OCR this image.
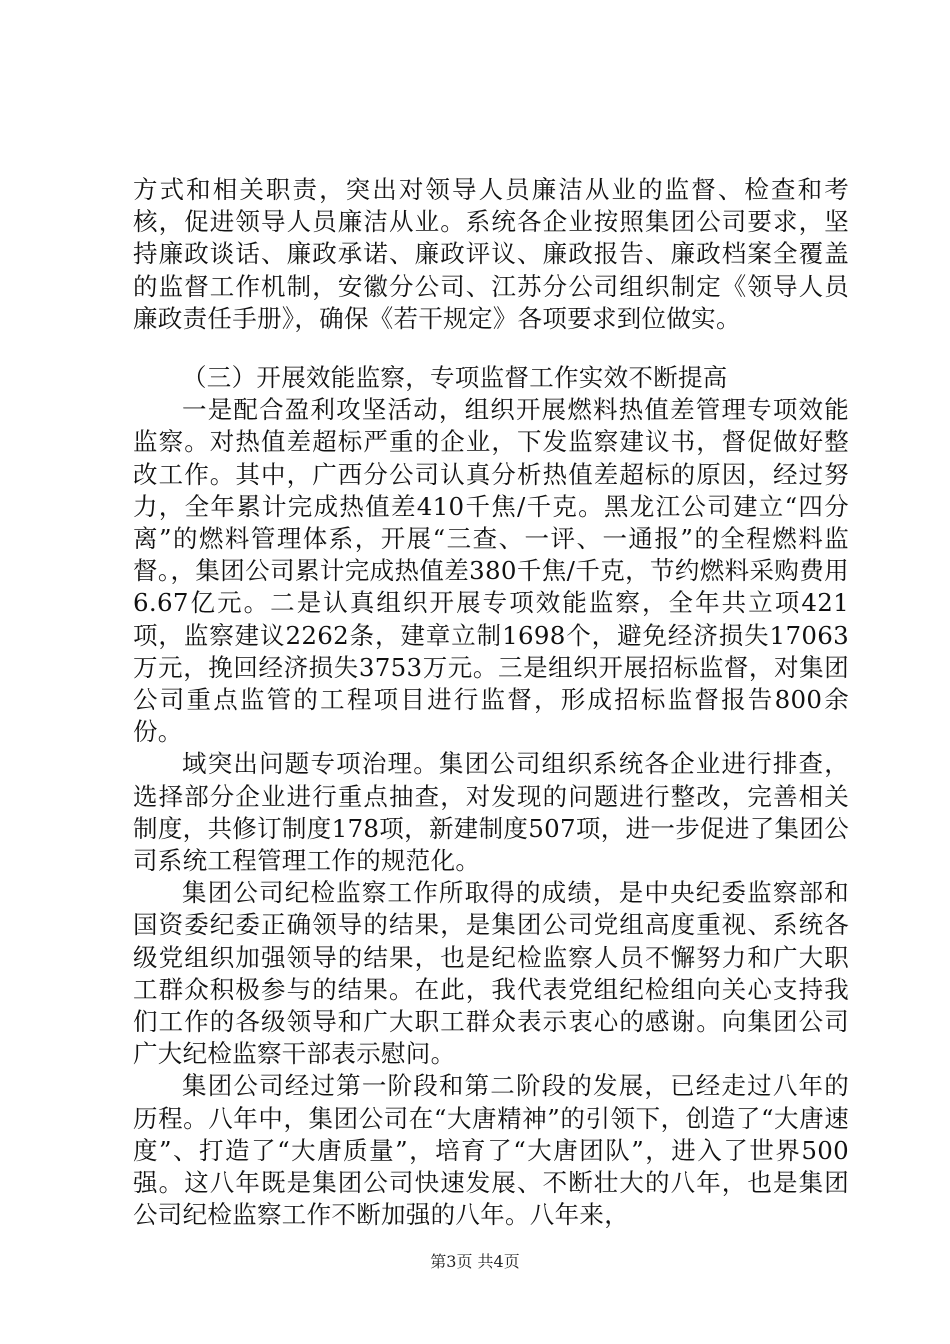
方式和相关职责，突出对领导人员廉洁从业的监督、检查和考核，促进领导人员廉洁从业。系统各企业按照集团公司要求，坚持廉政谈话、廉政承诺、廉政评议、廉政报告、廉政档案全覆盖的监督工作机制，安徽分公司、江苏分公司组织制定《领导人员廉政责任手册》，确保《若干规定》各项要求到位做实。

（三）开展效能监察，专项监督工作实效不断提高

一是配合盈利攻坚活动，组织开展燃料热值差管理专项效能监察。对热值差超标严重的企业，下发监察建议书，督促做好整改工作。其中，广西分公司认真分析热值差超标的原因，经过努力，全年累计完成热值差410千焦/千克。黑龙江公司建立“四分离”的燃料管理体系，开展“三查、一评、一通报”的全程燃料监督。，集团公司累计完成热值差380千焦/千克，节约燃料采购费用6.67亿元。二是认真组织开展专项效能监察，全年共立项421项，监察建议2262条，建章立制1698个，避免经济损失17063万元，挽回经济损失3753万元。三是组织开展招标监督，对集团公司重点监管的工程项目进行监督，形成招标监督报告800余份。

域突出问题专项治理。集团公司组织系统各企业进行排查，选择部分企业进行重点抽查，对发现的问题进行整改，完善相关制度，共修订制度178项，新建制度507项，进一步促进了集团公司系统工程管理工作的规范化。

集团公司纪检监察工作所取得的成绩，是中央纪委监察部和国资委纪委正确领导的结果，是集团公司党组高度重视、系统各级党组织加强领导的结果，也是纪检监察人员不懈努力和广大职工群众积极参与的结果。在此，我代表党组纪检组向关心支持我们工作的各级领导和广大职工群众表示衷心的感谢。向集团公司广大纪检监察干部表示慰问。

集团公司经过第一阶段和第二阶段的发展，已经走过八年的历程。八年中，集团公司在“大唐精神”的引领下，创造了“大唐速度”、打造了“大唐质量”，培育了“大唐团队”，进入了世界500强。这八年既是集团公司快速发展、不断壮大的八年，也是集团公司纪检监察工作不断加强的八年。八年来，

第3页 共4页
